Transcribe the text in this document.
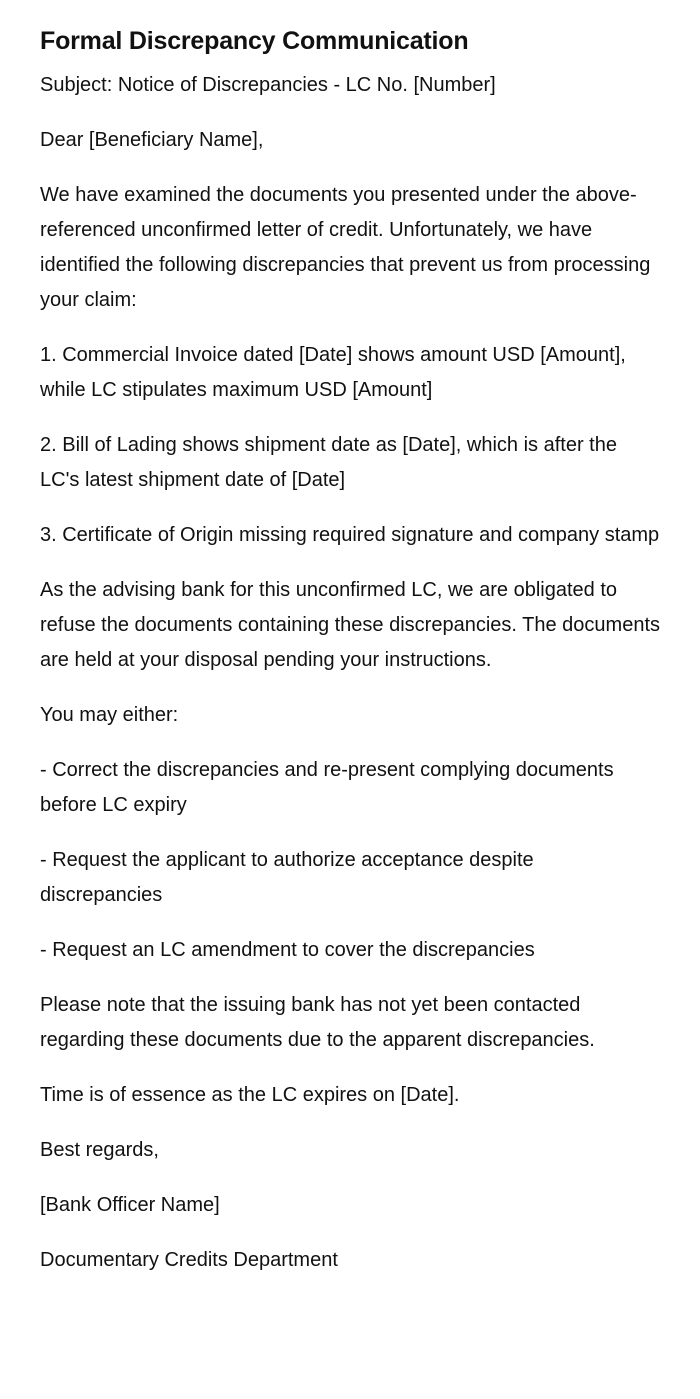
Formal Discrepancy Communication

Subject: Notice of Discrepancies - LC No. [Number]

Dear [Beneficiary Name],

We have examined the documents you presented under the above-referenced unconfirmed letter of credit. Unfortunately, we have identified the following discrepancies that prevent us from processing your claim:

1. Commercial Invoice dated [Date] shows amount USD [Amount], while LC stipulates maximum USD [Amount]

2. Bill of Lading shows shipment date as [Date], which is after the LC's latest shipment date of [Date]

3. Certificate of Origin missing required signature and company stamp

As the advising bank for this unconfirmed LC, we are obligated to refuse the documents containing these discrepancies. The documents are held at your disposal pending your instructions.

You may either:

- Correct the discrepancies and re-present complying documents before LC expiry

- Request the applicant to authorize acceptance despite discrepancies

- Request an LC amendment to cover the discrepancies

Please note that the issuing bank has not yet been contacted regarding these documents due to the apparent discrepancies.

Time is of essence as the LC expires on [Date].

Best regards,

[Bank Officer Name]

Documentary Credits Department
